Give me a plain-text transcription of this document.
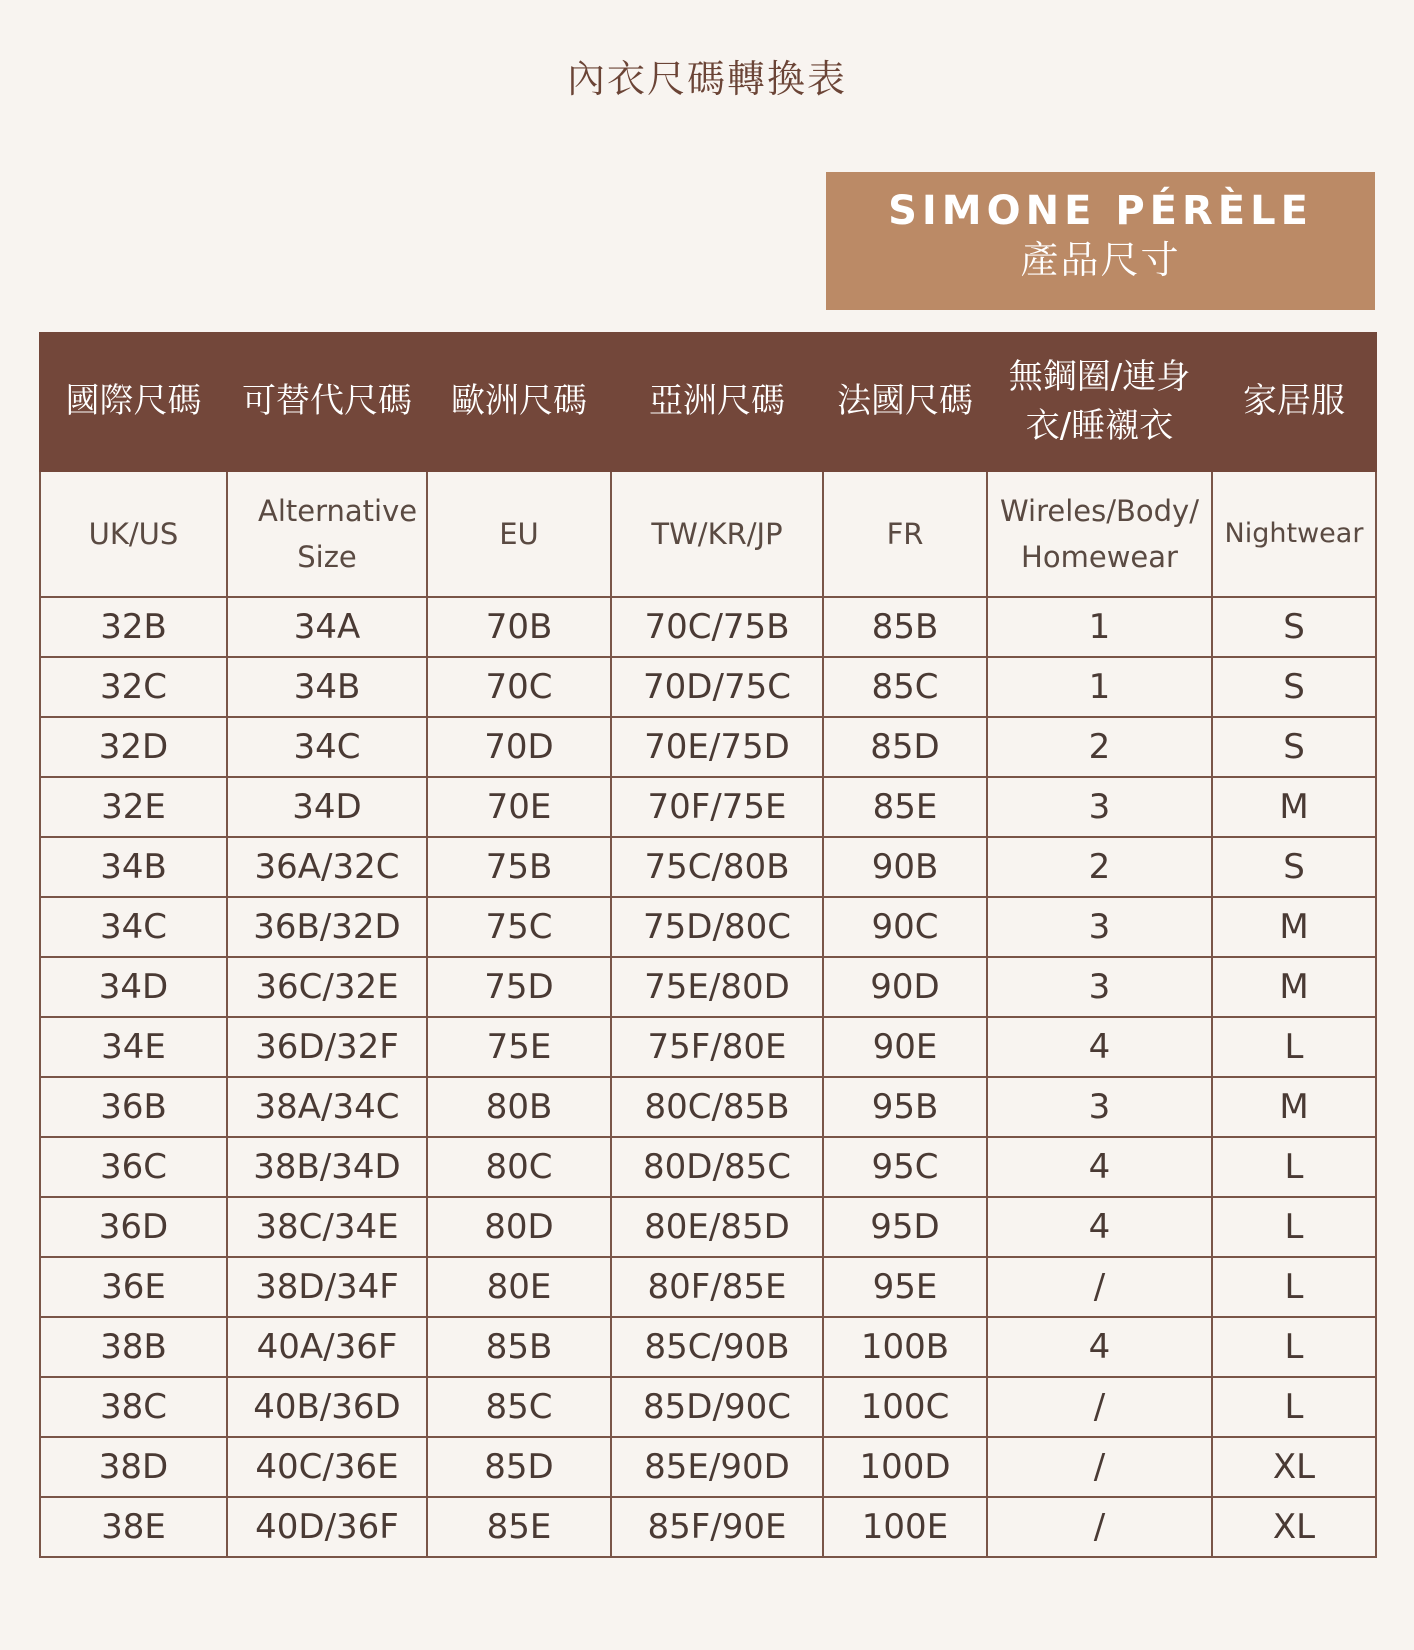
內衣尺碼轉換表
SIMONE PÉRÈLE
產品尺寸
國際尺碼	可替代尺碼	歐洲尺碼	亞洲尺碼	法國尺碼	無鋼圈/連身衣/睡襯衣	家居服
UK/US	Alternative Size	EU	TW/KR/JP	FR	Wireles/Body/Homewear	Nightwear
32B	34A	70B	70C/75B	85B	1	S
32C	34B	70C	70D/75C	85C	1	S
32D	34C	70D	70E/75D	85D	2	S
32E	34D	70E	70F/75E	85E	3	M
34B	36A/32C	75B	75C/80B	90B	2	S
34C	36B/32D	75C	75D/80C	90C	3	M
34D	36C/32E	75D	75E/80D	90D	3	M
34E	36D/32F	75E	75F/80E	90E	4	L
36B	38A/34C	80B	80C/85B	95B	3	M
36C	38B/34D	80C	80D/85C	95C	4	L
36D	38C/34E	80D	80E/85D	95D	4	L
36E	38D/34F	80E	80F/85E	95E	/	L
38B	40A/36F	85B	85C/90B	100B	4	L
38C	40B/36D	85C	85D/90C	100C	/	L
38D	40C/36E	85D	85E/90D	100D	/	XL
38E	40D/36F	85E	85F/90E	100E	/	XL
